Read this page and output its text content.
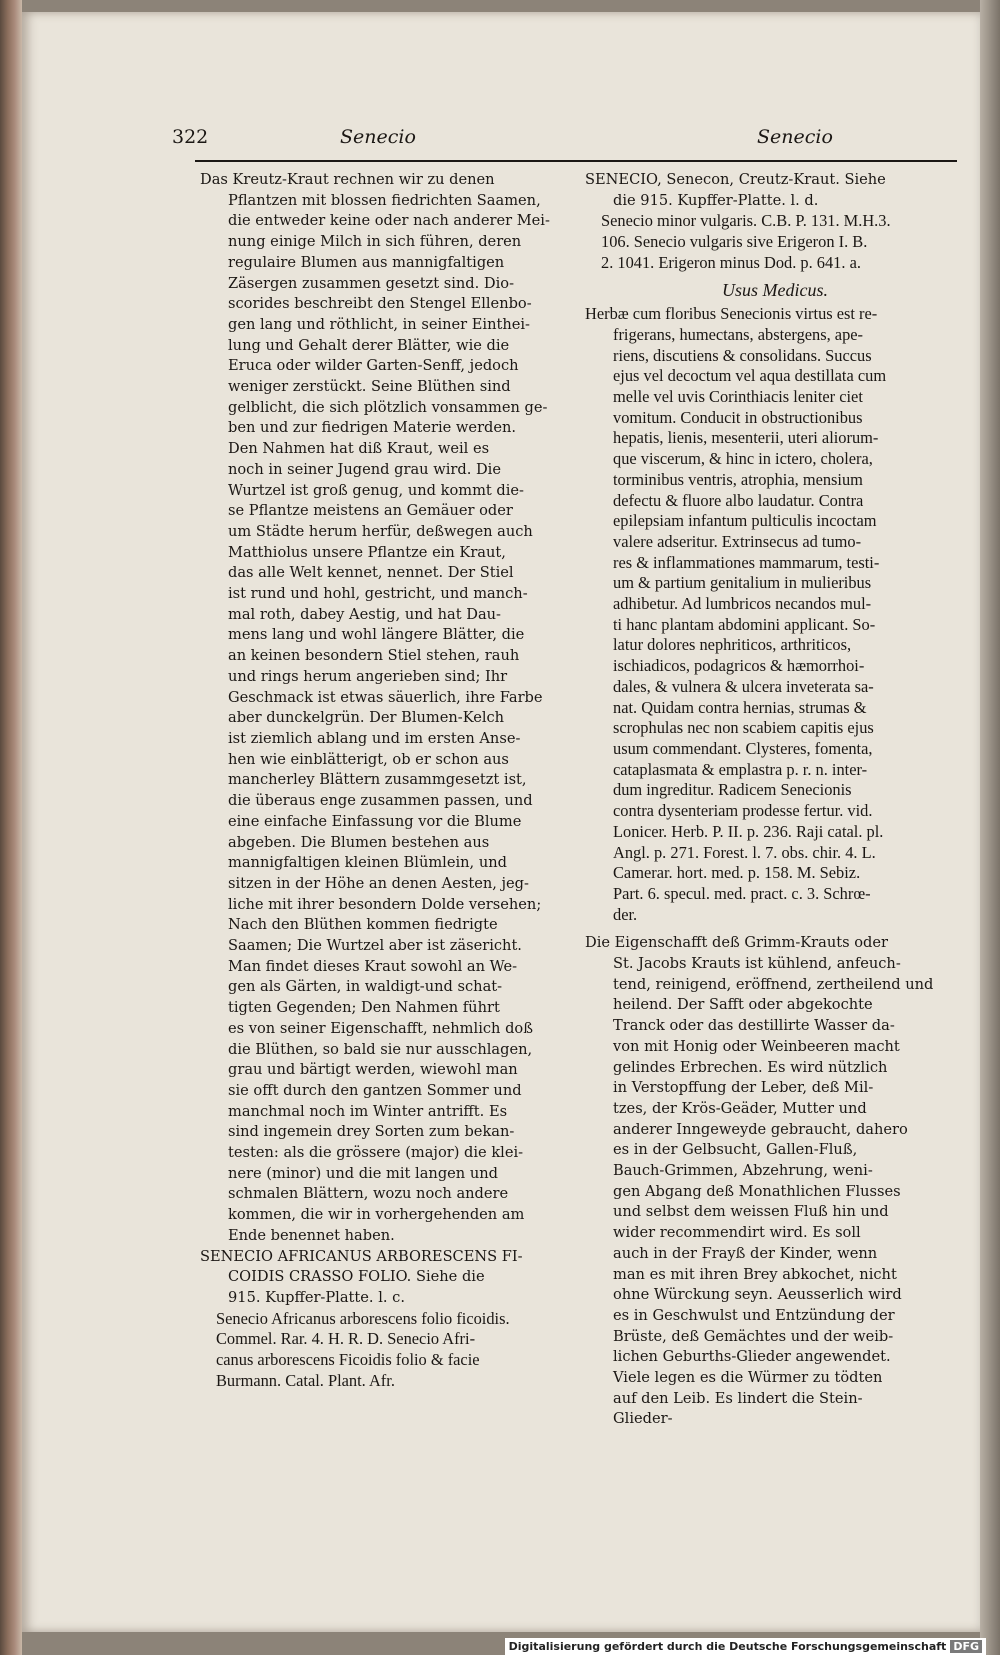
322	Senecio	Senecio
Das Kreutz-Kraut rechnen wir zu denen
Pflantzen mit blossen fiedrichten Saamen,
die entweder keine oder nach anderer Mei-
nung einige Milch in sich führen, deren
regulaire Blumen aus mannigfaltigen
Zäsergen zusammen gesetzt sind. Dio-
scorides beschreibt den Stengel Ellenbo-
gen lang und röthlicht, in seiner Einthei-
lung und Gehalt derer Blätter, wie die
Eruca oder wilder Garten-Senff, jedoch
weniger zerstückt. Seine Blüthen sind
gelblicht, die sich plötzlich vonsammen ge-
ben und zur fiedrigen Materie werden.
Den Nahmen hat diß Kraut, weil es
noch in seiner Jugend grau wird. Die
Wurtzel ist groß genug, und kommt die-
se Pflantze meistens an Gemäuer oder
um Städte herum herfür, deßwegen auch
Matthiolus unsere Pflantze ein Kraut,
das alle Welt kennet, nennet. Der Stiel
ist rund und hohl, gestricht, und manch-
mal roth, dabey Aestig, und hat Dau-
mens lang und wohl längere Blätter, die
an keinen besondern Stiel stehen, rauh
und rings herum angerieben sind; Ihr
Geschmack ist etwas säuerlich, ihre Farbe
aber dunckelgrün. Der Blumen-Kelch
ist ziemlich ablang und im ersten Anse-
hen wie einblätterigt, ob er schon aus
mancherley Blättern zusammgesetzt ist,
die überaus enge zusammen passen, und
eine einfache Einfassung vor die Blume
abgeben. Die Blumen bestehen aus
mannigfaltigen kleinen Blümlein, und
sitzen in der Höhe an denen Aesten, jeg-
liche mit ihrer besondern Dolde versehen;
Nach den Blüthen kommen fiedrigte
Saamen; Die Wurtzel aber ist zäsericht.
Man findet dieses Kraut sowohl an We-
gen als Gärten, in waldigt-und schat-
tigten Gegenden; Den Nahmen führt
es von seiner Eigenschafft, nehmlich doß
die Blüthen, so bald sie nur ausschlagen,
grau und bärtigt werden, wiewohl man
sie offt durch den gantzen Sommer und
manchmal noch im Winter antrifft. Es
sind ingemein drey Sorten zum bekan-
testen: als die grössere (major) die klei-
nere (minor) und die mit langen und
schmalen Blättern, wozu noch andere
kommen, die wir in vorhergehenden am
Ende benennet haben.
SENECIO AFRICANUS ARBORESCENS FI-
COIDIS CRASSO FOLIO. Siehe die
915. Kupffer-Platte. l. c.
Senecio Africanus arborescens folio ficoidis.
Commel. Rar. 4. H. R. D. Senecio Afri-
canus arborescens Ficoidis folio & facie
Burmann. Catal. Plant. Afr.
SENECIO, Senecon, Creutz-Kraut. Siehe
die 915. Kupffer-Platte. l. d.
Senecio minor vulgaris. C.B. P. 131. M.H.3.
106. Senecio vulgaris sive Erigeron I. B.
2. 1041. Erigeron minus Dod. p. 641. a.
Usus Medicus.
Herbæ cum floribus Senecionis virtus est re-
frigerans, humectans, abstergens, ape-
riens, discutiens & consolidans. Succus
ejus vel decoctum vel aqua destillata cum
melle vel uvis Corinthiacis leniter ciet
vomitum. Conducit in obstructionibus
hepatis, lienis, mesenterii, uteri aliorum-
que viscerum, & hinc in ictero, cholera,
torminibus ventris, atrophia, mensium
defectu & fluore albo laudatur. Contra
epilepsiam infantum pulticulis incoctam
valere adseritur. Extrinsecus ad tumo-
res & inflammationes mammarum, testi-
um & partium genitalium in mulieribus
adhibetur. Ad lumbricos necandos mul-
ti hanc plantam abdomini applicant. So-
latur dolores nephriticos, arthriticos,
ischiadicos, podagricos & hæmorrhoi-
dales, & vulnera & ulcera inveterata sa-
nat. Quidam contra hernias, strumas &
scrophulas nec non scabiem capitis ejus
usum commendant. Clysteres, fomenta,
cataplasmata & emplastra p. r. n. inter-
dum ingreditur. Radicem Senecionis
contra dysenteriam prodesse fertur. vid.
Lonicer. Herb. P. II. p. 236. Raji catal. pl.
Angl. p. 271. Forest. l. 7. obs. chir. 4. L.
Camerar. hort. med. p. 158. M. Sebiz.
Part. 6. specul. med. pract. c. 3. Schrœ-
der.
Die Eigenschafft deß Grimm-Krauts oder
St. Jacobs Krauts ist kühlend, anfeuch-
tend, reinigend, eröffnend, zertheilend und
heilend. Der Safft oder abgekochte
Tranck oder das destillirte Wasser da-
von mit Honig oder Weinbeeren macht
gelindes Erbrechen. Es wird nützlich
in Verstopffung der Leber, deß Mil-
tzes, der Krös-Geäder, Mutter und
anderer Inngeweyde gebraucht, dahero
es in der Gelbsucht, Gallen-Fluß,
Bauch-Grimmen, Abzehrung, weni-
gen Abgang deß Monathlichen Flusses
und selbst dem weissen Fluß hin und
wider recommendirt wird. Es soll
auch in der Frayß der Kinder, wenn
man es mit ihren Brey abkochet, nicht
ohne Würckung seyn. Aeusserlich wird
es in Geschwulst und Entzündung der
Brüste, deß Gemächtes und der weib-
lichen Geburths-Glieder angewendet.
Viele legen es die Würmer zu tödten
auf den Leib. Es lindert die Stein-
Glieder-
Digitalisierung gefördert durch die Deutsche Forschungsgemeinschaft DFG
